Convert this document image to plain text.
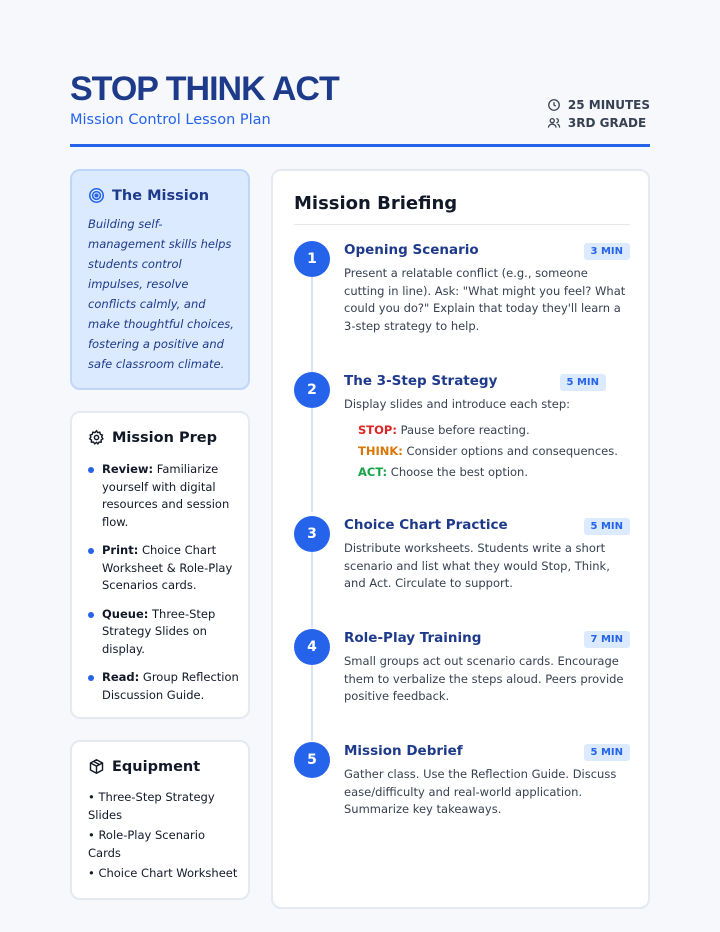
STOP THINK ACT
Mission Control Lesson Plan
25 MINUTES
3RD GRADE
The Mission
Building self-management skills helps students control impulses, resolve conflicts calmly, and make thoughtful choices, fostering a positive and safe classroom climate.
Mission Prep
Review: Familiarize yourself with digital resources and session flow.
Print: Choice Chart Worksheet & Role-Play Scenarios cards.
Queue: Three-Step Strategy Slides on display.
Read: Group Reflection Discussion Guide.
Equipment
• Three-Step Strategy Slides
• Role-Play Scenario Cards
• Choice Chart Worksheet
Mission Briefing
1
Opening Scenario	3 MIN
Present a relatable conflict (e.g., someone cutting in line). Ask: "What might you feel? What could you do?" Explain that today they'll learn a 3-step strategy to help.
2
The 3-Step Strategy	5 MIN
Display slides and introduce each step:
STOP: Pause before reacting.
THINK: Consider options and consequences.
ACT: Choose the best option.
3
Choice Chart Practice	5 MIN
Distribute worksheets. Students write a short scenario and list what they would Stop, Think, and Act. Circulate to support.
4
Role-Play Training	7 MIN
Small groups act out scenario cards. Encourage them to verbalize the steps aloud. Peers provide positive feedback.
5
Mission Debrief	5 MIN
Gather class. Use the Reflection Guide. Discuss ease/difficulty and real-world application. Summarize key takeaways.
